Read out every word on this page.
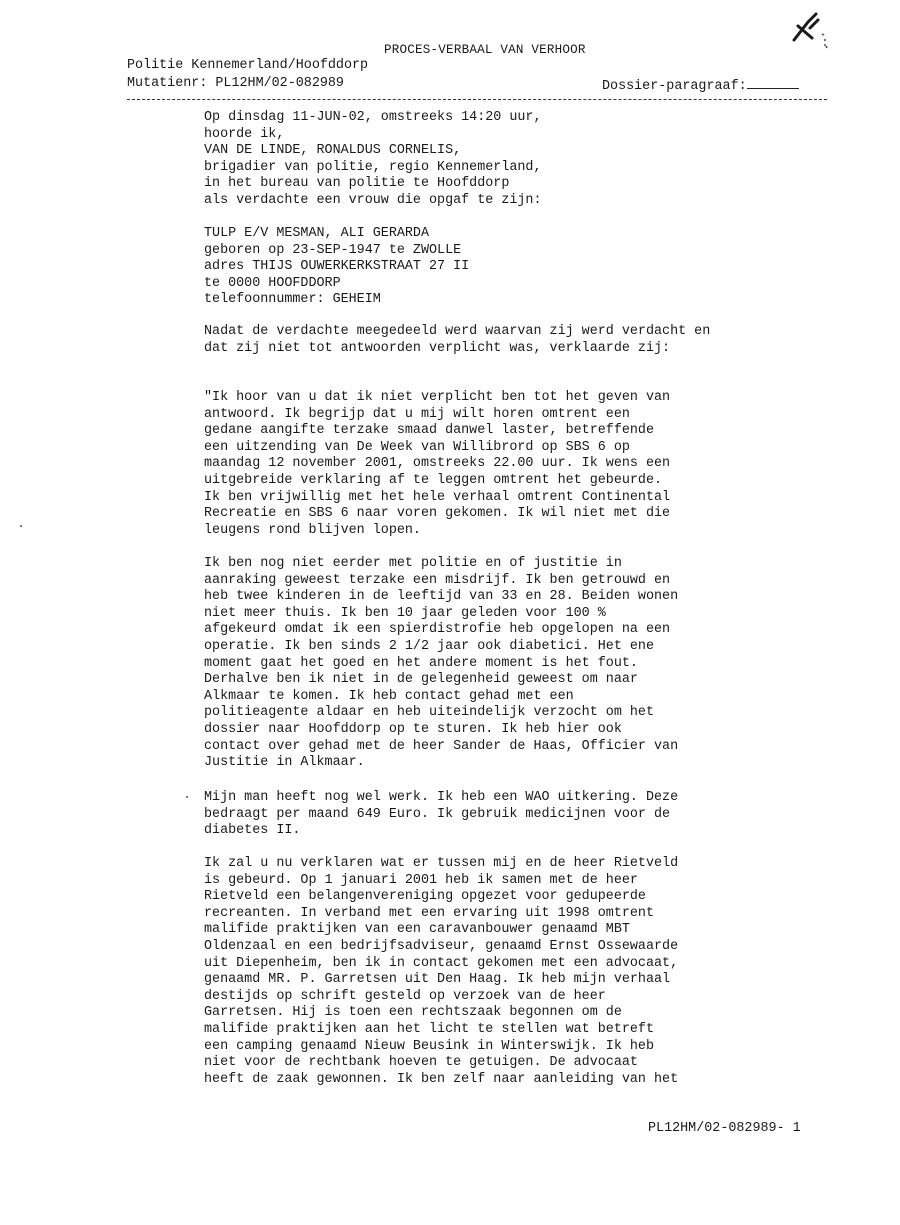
PROCES-VERBAAL VAN VERHOOR
Politie Kennemerland/Hoofddorp
Mutatienr: PL12HM/02-082989	Dossier-paragraaf:
Op dinsdag 11-JUN-02, omstreeks 14:20 uur,
hoorde ik,
VAN DE LINDE, RONALDUS CORNELIS,
brigadier van politie, regio Kennemerland,
in het bureau van politie te Hoofddorp
als verdachte een vrouw die opgaf te zijn:
TULP E/V MESMAN, ALI GERARDA
geboren op 23-SEP-1947 te ZWOLLE
adres THIJS OUWERKERKSTRAAT 27 II
te 0000 HOOFDDORP
telefoonnummer: GEHEIM
Nadat de verdachte meegedeeld werd waarvan zij werd verdacht en
dat zij niet tot antwoorden verplicht was, verklaarde zij:
"Ik hoor van u dat ik niet verplicht ben tot het geven van
antwoord. Ik begrijp dat u mij wilt horen omtrent een
gedane aangifte terzake smaad danwel laster, betreffende
een uitzending van De Week van Willibrord op SBS 6 op
maandag 12 november 2001, omstreeks 22.00 uur. Ik wens een
uitgebreide verklaring af te leggen omtrent het gebeurde.
Ik ben vrijwillig met het hele verhaal omtrent Continental
Recreatie en SBS 6 naar voren gekomen. Ik wil niet met die
leugens rond blijven lopen.
Ik ben nog niet eerder met politie en of justitie in
aanraking geweest terzake een misdrijf. Ik ben getrouwd en
heb twee kinderen in de leeftijd van 33 en 28. Beiden wonen
niet meer thuis. Ik ben 10 jaar geleden voor 100 %
afgekeurd omdat ik een spierdistrofie heb opgelopen na een
operatie. Ik ben sinds 2 1/2 jaar ook diabetici. Het ene
moment gaat het goed en het andere moment is het fout.
Derhalve ben ik niet in de gelegenheid geweest om naar
Alkmaar te komen. Ik heb contact gehad met een
politieagente aldaar en heb uiteindelijk verzocht om het
dossier naar Hoofddorp op te sturen. Ik heb hier ook
contact over gehad met de heer Sander de Haas, Officier van
Justitie in Alkmaar.
Mijn man heeft nog wel werk. Ik heb een WAO uitkering. Deze
bedraagt per maand 649 Euro. Ik gebruik medicijnen voor de
diabetes II.
Ik zal u nu verklaren wat er tussen mij en de heer Rietveld
is gebeurd. Op 1 januari 2001 heb ik samen met de heer
Rietveld een belangenvereniging opgezet voor gedupeerde
recreanten. In verband met een ervaring uit 1998 omtrent
malifide praktijken van een caravanbouwer genaamd MBT
Oldenzaal en een bedrijfsadviseur, genaamd Ernst Ossewaarde
uit Diepenheim, ben ik in contact gekomen met een advocaat,
genaamd MR. P. Garretsen uit Den Haag. Ik heb mijn verhaal
destijds op schrift gesteld op verzoek van de heer
Garretsen. Hij is toen een rechtszaak begonnen om de
malifide praktijken aan het licht te stellen wat betreft
een camping genaamd Nieuw Beusink in Winterswijk. Ik heb
niet voor de rechtbank hoeven te getuigen. De advocaat
heeft de zaak gewonnen. Ik ben zelf naar aanleiding van het
PL12HM/02-082989- 1
